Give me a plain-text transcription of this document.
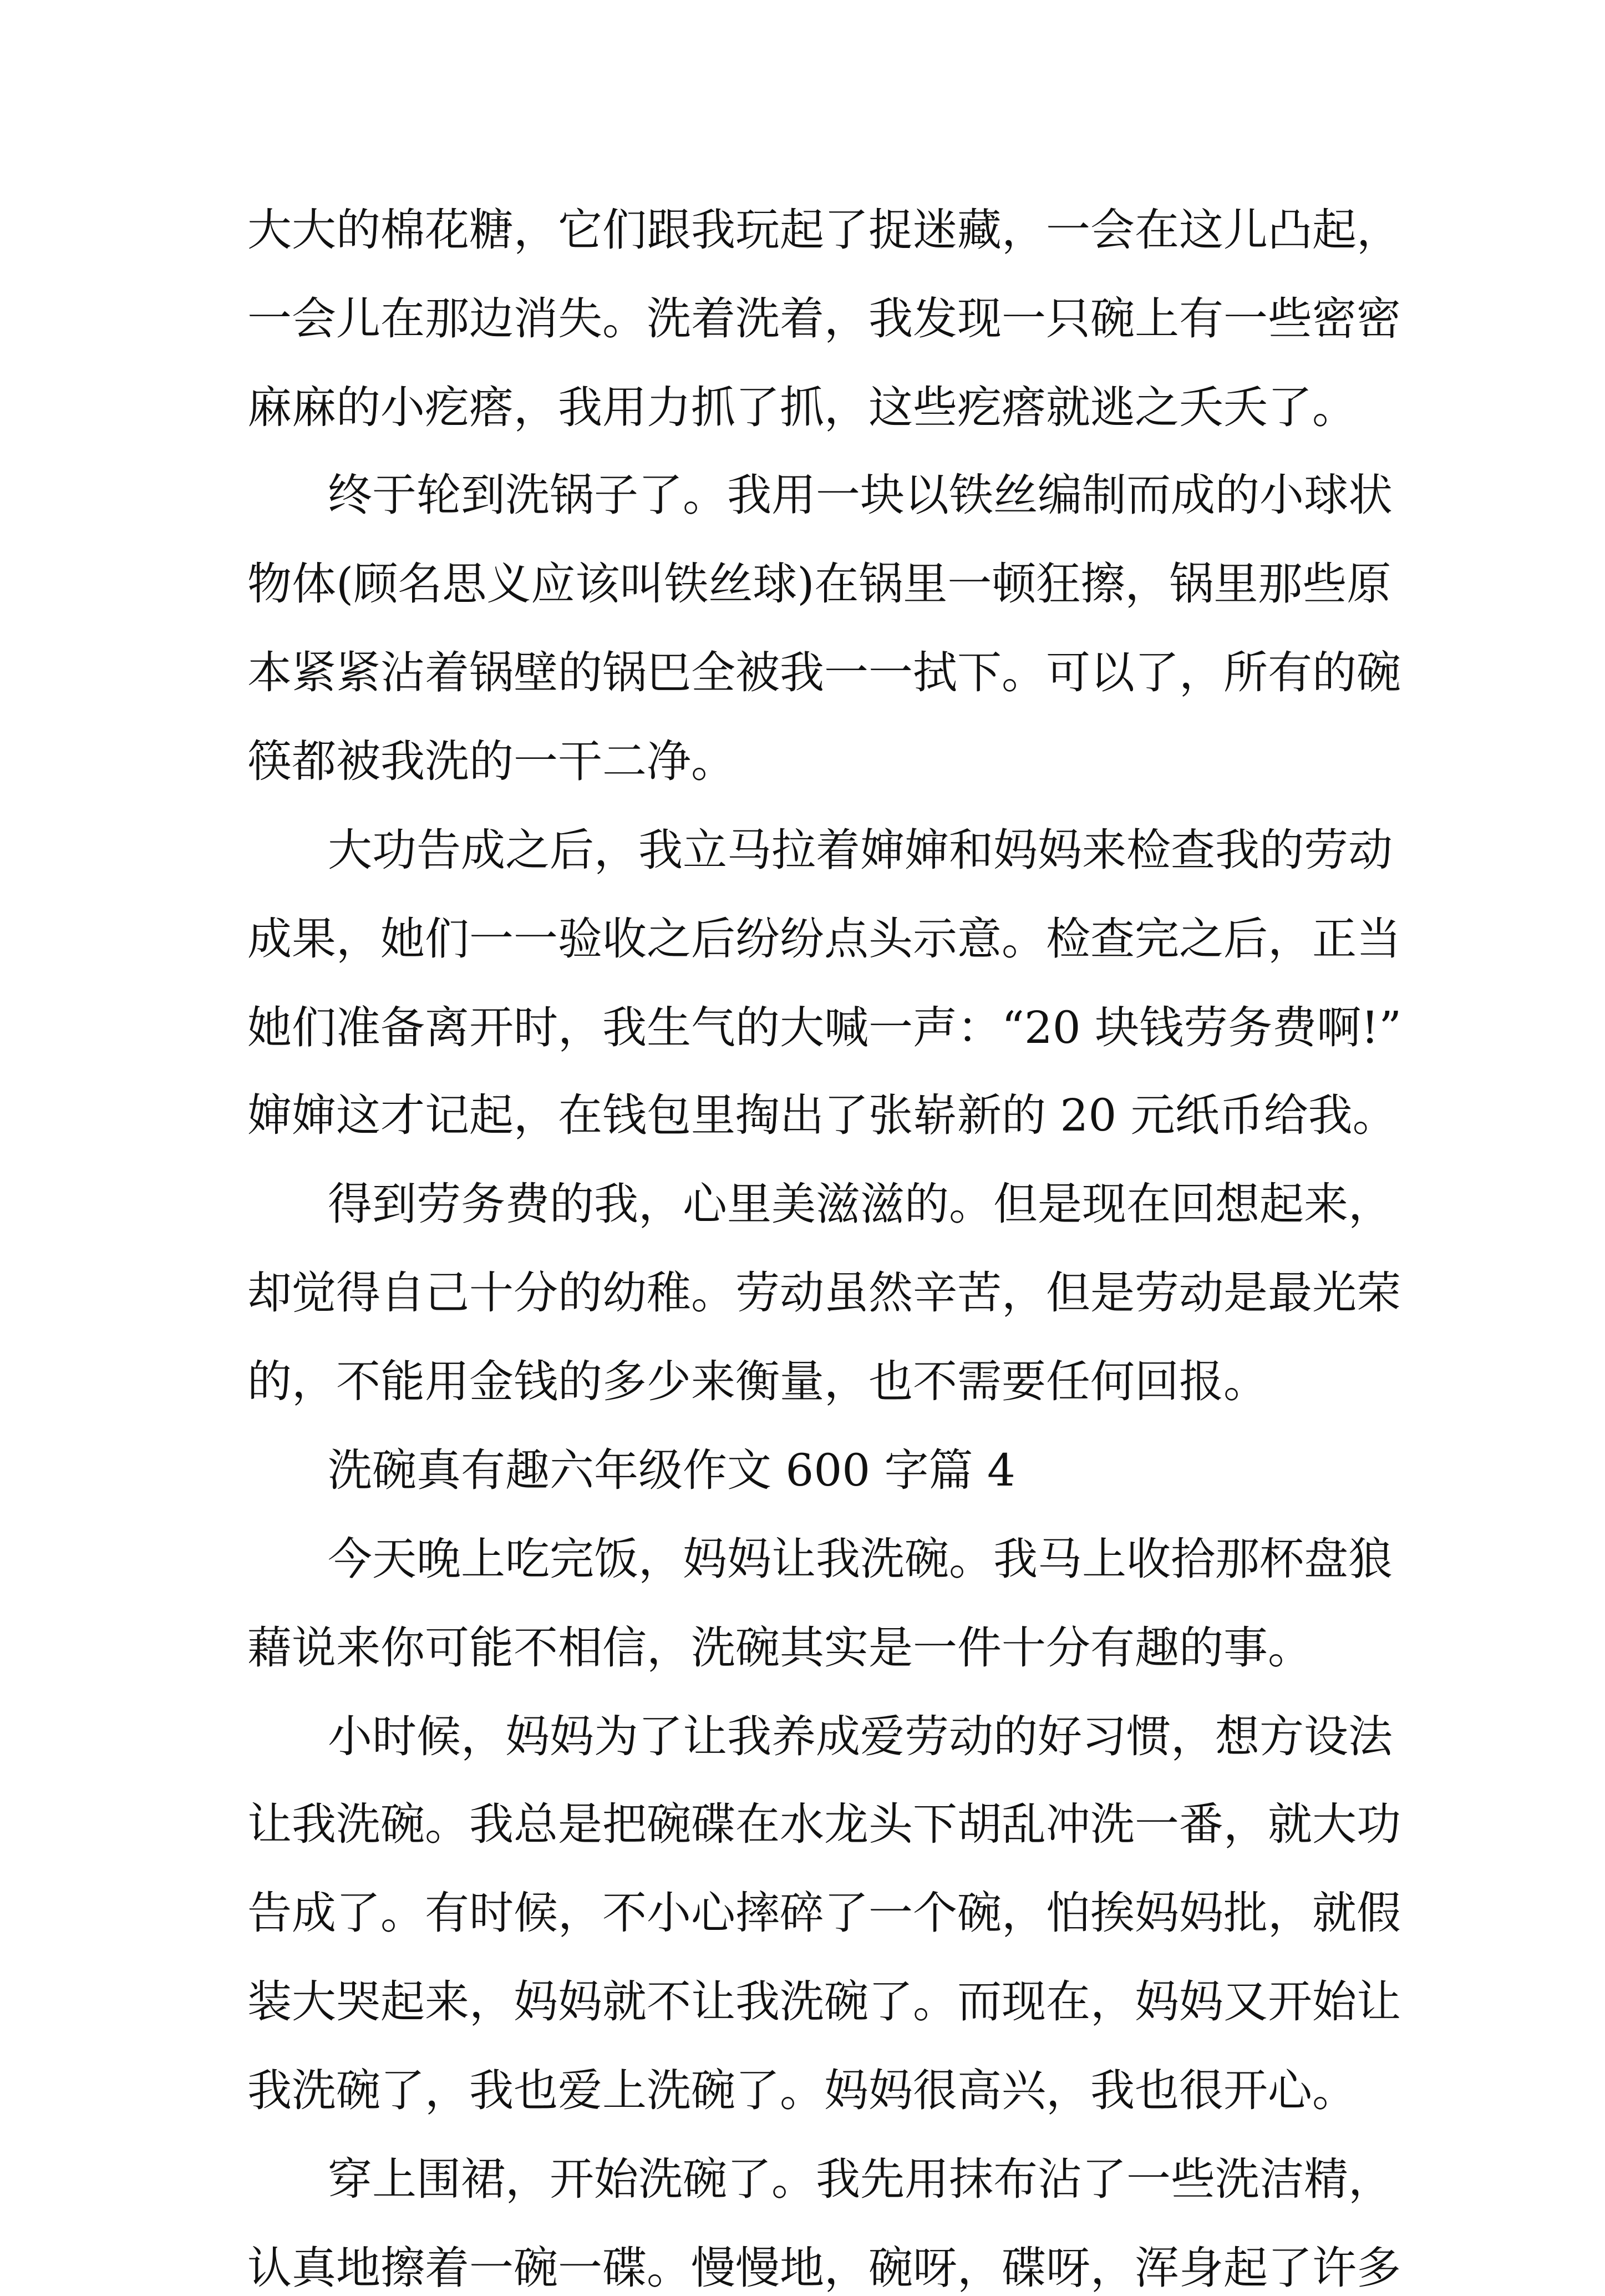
大大的棉花糖，它们跟我玩起了捉迷藏，一会在这儿凸起，

一会儿在那边消失。洗着洗着，我发现一只碗上有一些密密

麻麻的小疙瘩，我用力抓了抓，这些疙瘩就逃之夭夭了。

终于轮到洗锅子了。我用一块以铁丝编制而成的小球状

物体(顾名思义应该叫铁丝球)在锅里一顿狂擦，锅里那些原

本紧紧沾着锅壁的锅巴全被我一一拭下。可以了，所有的碗

筷都被我洗的一干二净。

大功告成之后，我立马拉着婶婶和妈妈来检查我的劳动

成果，她们一一验收之后纷纷点头示意。检查完之后，正当

她们准备离开时，我生气的大喊一声：“20 块钱劳务费啊!”

婶婶这才记起，在钱包里掏出了张崭新的 20 元纸币给我。

得到劳务费的我，心里美滋滋的。但是现在回想起来，

却觉得自己十分的幼稚。劳动虽然辛苦，但是劳动是最光荣

的，不能用金钱的多少来衡量，也不需要任何回报。

洗碗真有趣六年级作文 600 字篇 4

今天晚上吃完饭，妈妈让我洗碗。我马上收拾那杯盘狼

藉说来你可能不相信，洗碗其实是一件十分有趣的事。

小时候，妈妈为了让我养成爱劳动的好习惯，想方设法

让我洗碗。我总是把碗碟在水龙头下胡乱冲洗一番，就大功

告成了。有时候，不小心摔碎了一个碗，怕挨妈妈批，就假

装大哭起来，妈妈就不让我洗碗了。而现在，妈妈又开始让

我洗碗了，我也爱上洗碗了。妈妈很高兴，我也很开心。

穿上围裙，开始洗碗了。我先用抹布沾了一些洗洁精，

认真地擦着一碗一碟。慢慢地，碗呀，碟呀，浑身起了许多
